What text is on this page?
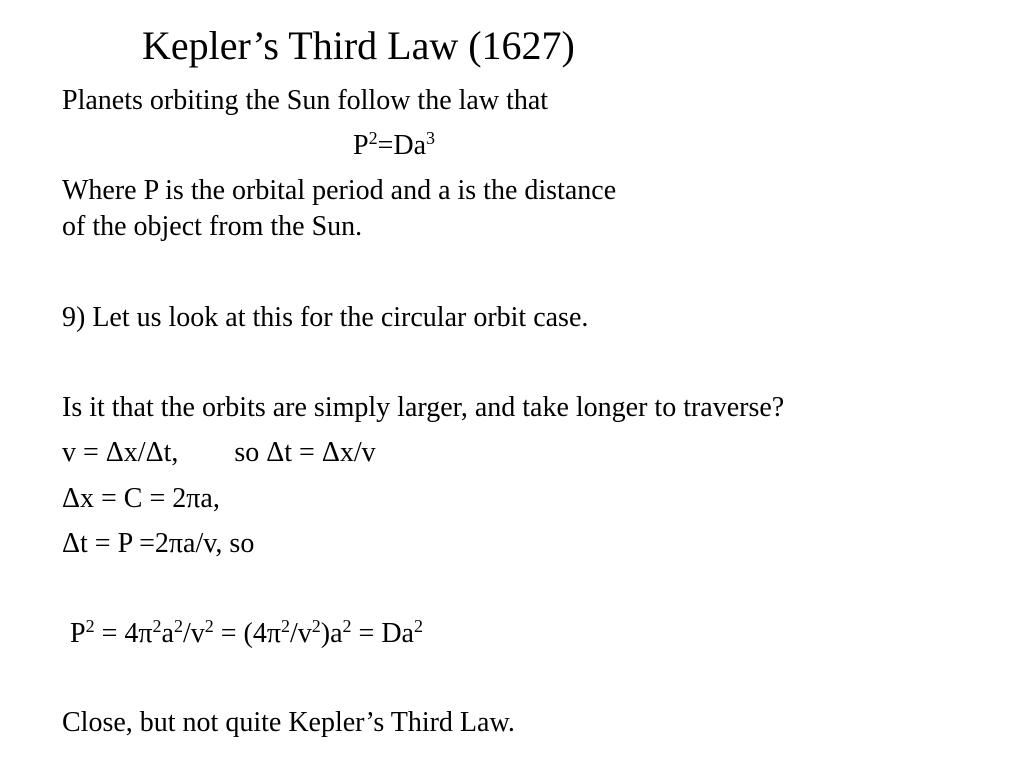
Kepler’s Third Law (1627)
Planets orbiting the Sun follow the law that
$P^2=Da^3$
Where P is the orbital period and a is the distance
of the object from the Sun.
9) Let us look at this for the circular orbit case.
Is it that the orbits are simply larger, and take longer to traverse?
v = Δx/Δt,        so Δt = Δx/v
Δx = C = 2πa,
Δt = P =2πa/v, so
$P^2 = 4\pi^2a^2/v^2 = (4\pi^2/v^2)a^2 = Da^2$
Close, but not quite Kepler’s Third Law.
